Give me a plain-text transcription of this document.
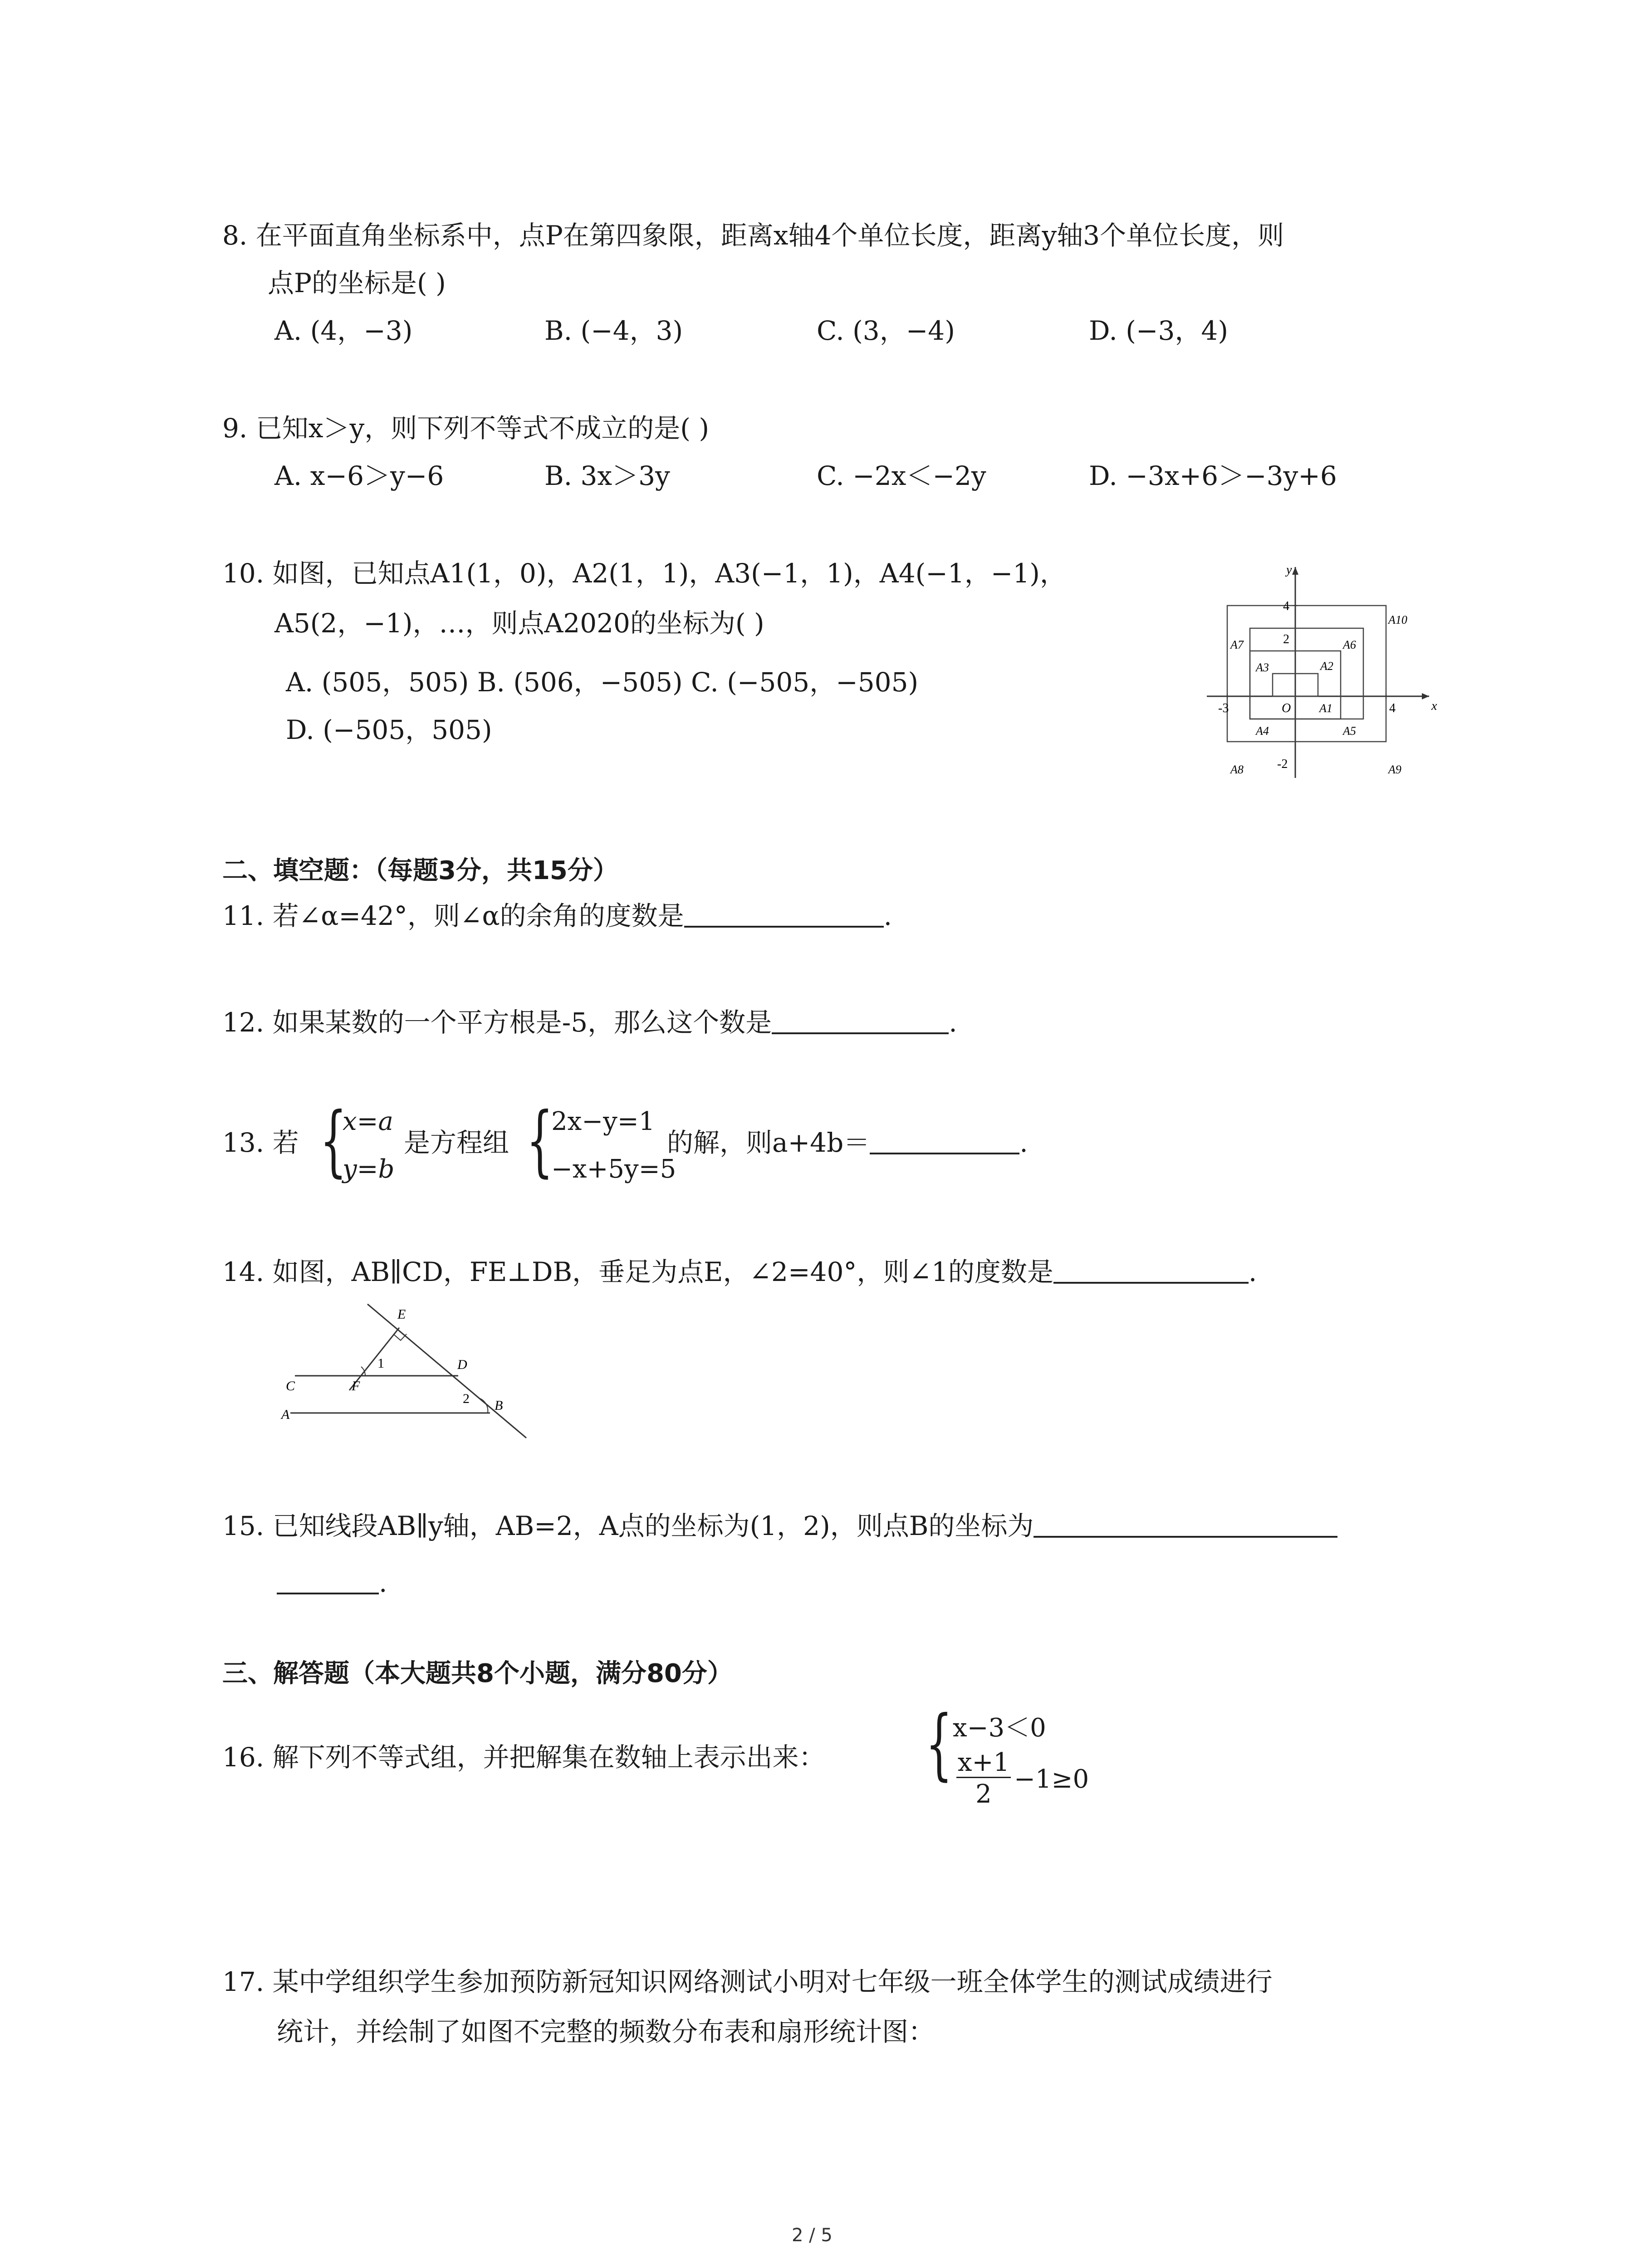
8. 在平面直角坐标系中，点P在第四象限，距离x轴4个单位长度，距离y轴3个单位长度，则
点P的坐标是( )
A. (4，−3)	B. (−4，3)	C. (3，−4)	D. (−3，4)
9. 已知x＞y，则下列不等式不成立的是( )
A. x−6＞y−6	B. 3x＞3y	C. −2x＜−2y	D. −3x+6＞−3y+6
10. 如图，已知点A1(1，0)，A2(1，1)，A3(−1，1)，A4(−1，−1)，
A5(2，−1)，…，则点A2020的坐标为( )
A. (505，505) B. (506，−505) C. (−505，−505)
D. (−505，505)
y
x
4
2
-2
-3	4
O A1
A2
A3
A4	A5
A6
A7
A8	A9
A10
二、填空题：（每题3分，共15分）
11. 若∠α=42°，则∠α的余角的度数是	.
12. 如果某数的一个平方根是-5，那么这个数是	.
13. 若 {
x=a
y=b
是方程组 {
2x−y=1
−x+5y=5
的解，则a+4b＝	.
14. 如图，AB∥CD，FE⊥DB，垂足为点E，∠2=40°，则∠1的度数是	.
E
1	D
C	F
2 B
A
15. 已知线段AB∥y轴，AB=2，A点的坐标为(1，2)，则点B的坐标为
.
三、解答题（本大题共8个小题，满分80分）
16. 解下列不等式组，并把解集在数轴上表示出来： { x−3＜0
$\frac{x+1}{2} -1\ge 0$
17. 某中学组织学生参加预防新冠知识网络测试小明对七年级一班全体学生的测试成绩进行
统计，并绘制了如图不完整的频数分布表和扇形统计图：
2 / 5
